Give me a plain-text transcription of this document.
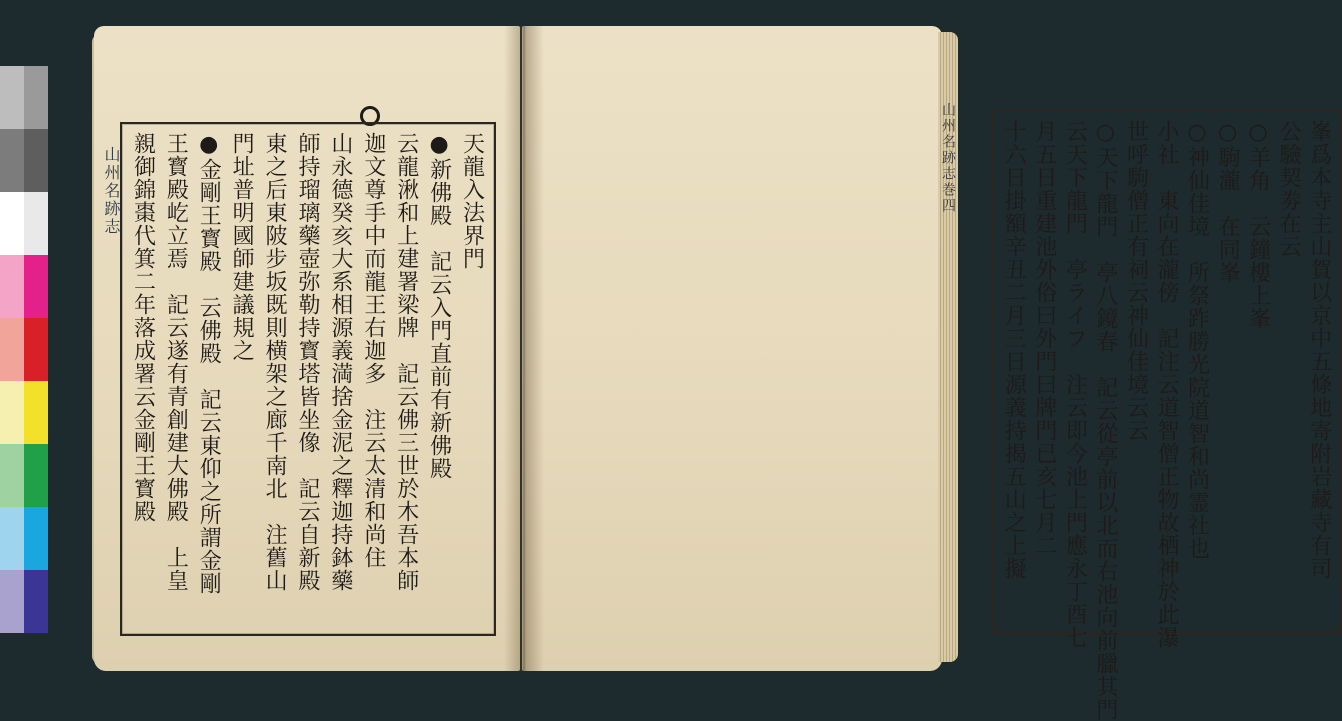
山州名跡志	天龍入法界門
●新佛殿　記云入門直前有新佛殿
云龍湫和上建署梁牌　記云佛三世於木吾本師
迦文尊手中而龍王右迦多　注云太清和尚住
山永德癸亥大系相源義満捨金泥之釋迦持鉢藥
師持瑠璃藥壺弥勒持寳塔皆坐像　記云自新殿
東之后東陂步坂既則横架之廊千南北　注舊山
門址普明國師建議規之
●金剛王寳殿　云佛殿　記云東仰之所謂金剛
王寳殿屹立焉　記云遂有青創建大佛殿　上皇
親御錦棗代箕二年落成署云金剛王寳殿	峯爲本寺主山賀以京中五條地寄附岩藏寺有司
公驗契劵在云
○羊角　云鐘樓上峯
○駒瀧　在同峯
○神仙佳境　所祭䟭勝光院道智和尚霊社也
小社　東向在瀧傍　記注云道智僧正物故栖神於此瀑
世呼駒僧正有祠云神仙佳境云云
○天下龍門　亭八鏡春　記云從亭前以北而右池向前臘其門
云天下龍門　亭ライフ　注云即今池上門應永丁酉七
月五日重建池外俗曰外門曰牌門已亥七月二
十六日掛額辛丑二月三日源義持揭五山之上擬
山州名跡志巻四
